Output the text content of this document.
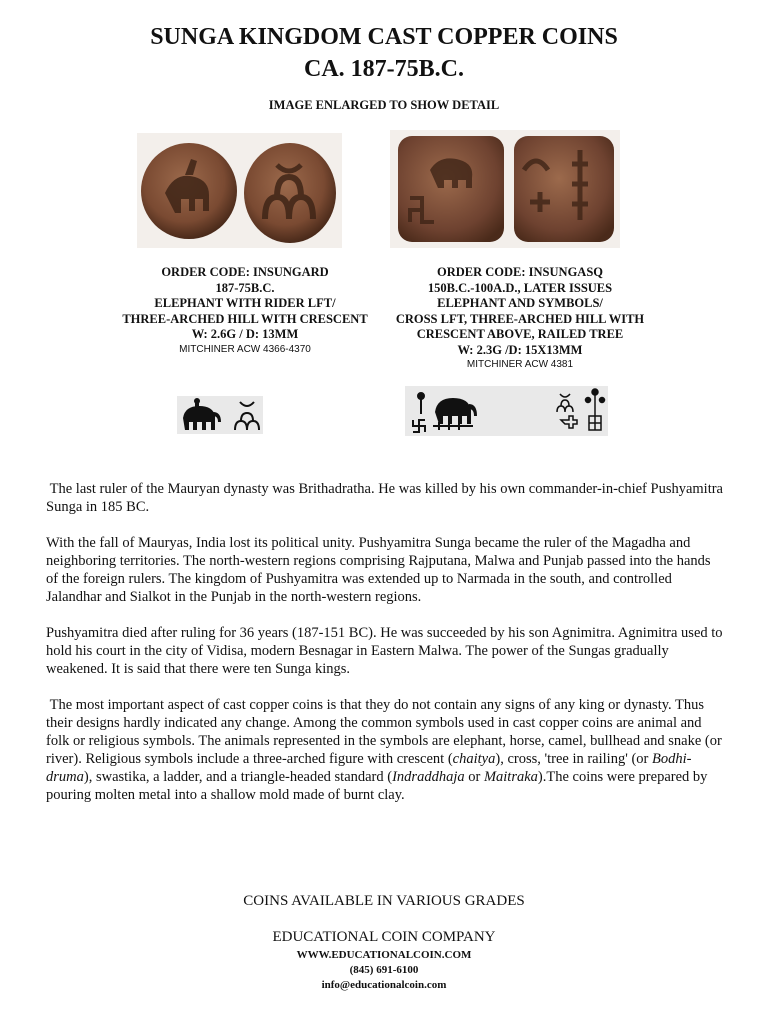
SUNGA KINGDOM CAST COPPER COINS
CA. 187-75B.C.
IMAGE ENLARGED TO SHOW DETAIL
ORDER CODE: INSUNGARD
187-75B.C.
ELEPHANT WITH RIDER LFT/
THREE-ARCHED HILL WITH CRESCENT
W: 2.6G / D: 13MM
MITCHINER ACW 4366-4370
ORDER CODE: INSUNGASQ
150B.C.-100A.D., LATER ISSUES
ELEPHANT AND SYMBOLS/
CROSS LFT, THREE-ARCHED HILL WITH
CRESCENT ABOVE, RAILED TREE
W: 2.3G /D: 15X13MM
MITCHINER ACW 4381

The last ruler of the Mauryan dynasty was Brithadratha. He was killed by his own commander-in-chief Pushyamitra Sunga in 185 BC.

With the fall of Mauryas, India lost its political unity. Pushyamitra Sunga became the ruler of the Magadha and neighboring territories. The north-western regions comprising Rajputana, Malwa and Punjab passed into the hands of the foreign rulers. The kingdom of Pushyamitra was extended up to Narmada in the south, and controlled Jalandhar and Sialkot in the Punjab in the north-western regions.

Pushyamitra died after ruling for 36 years (187-151 BC). He was succeeded by his son Agnimitra. Agnimitra used to hold his court in the city of Vidisa, modern Besnagar in Eastern Malwa. The power of the Sungas gradually weakened. It is said that there were ten Sunga kings.

The most important aspect of cast copper coins is that they do not contain any signs of any king or dynasty. Thus their designs hardly indicated any change. Among the common symbols used in cast copper coins are animal and folk or religious symbols. The animals represented in the symbols are elephant, horse, camel, bullhead and snake (or river). Religious symbols include a three-arched figure with crescent (chaitya), cross, 'tree in railing' (or Bodhi-druma), swastika, a ladder, and a triangle-headed standard (Indraddhaja or Maitraka).The coins were prepared by pouring molten metal into a shallow mold made of burnt clay.

COINS AVAILABLE IN VARIOUS GRADES
EDUCATIONAL COIN COMPANY
WWW.EDUCATIONALCOIN.COM
(845) 691-6100
info@educationalcoin.com
